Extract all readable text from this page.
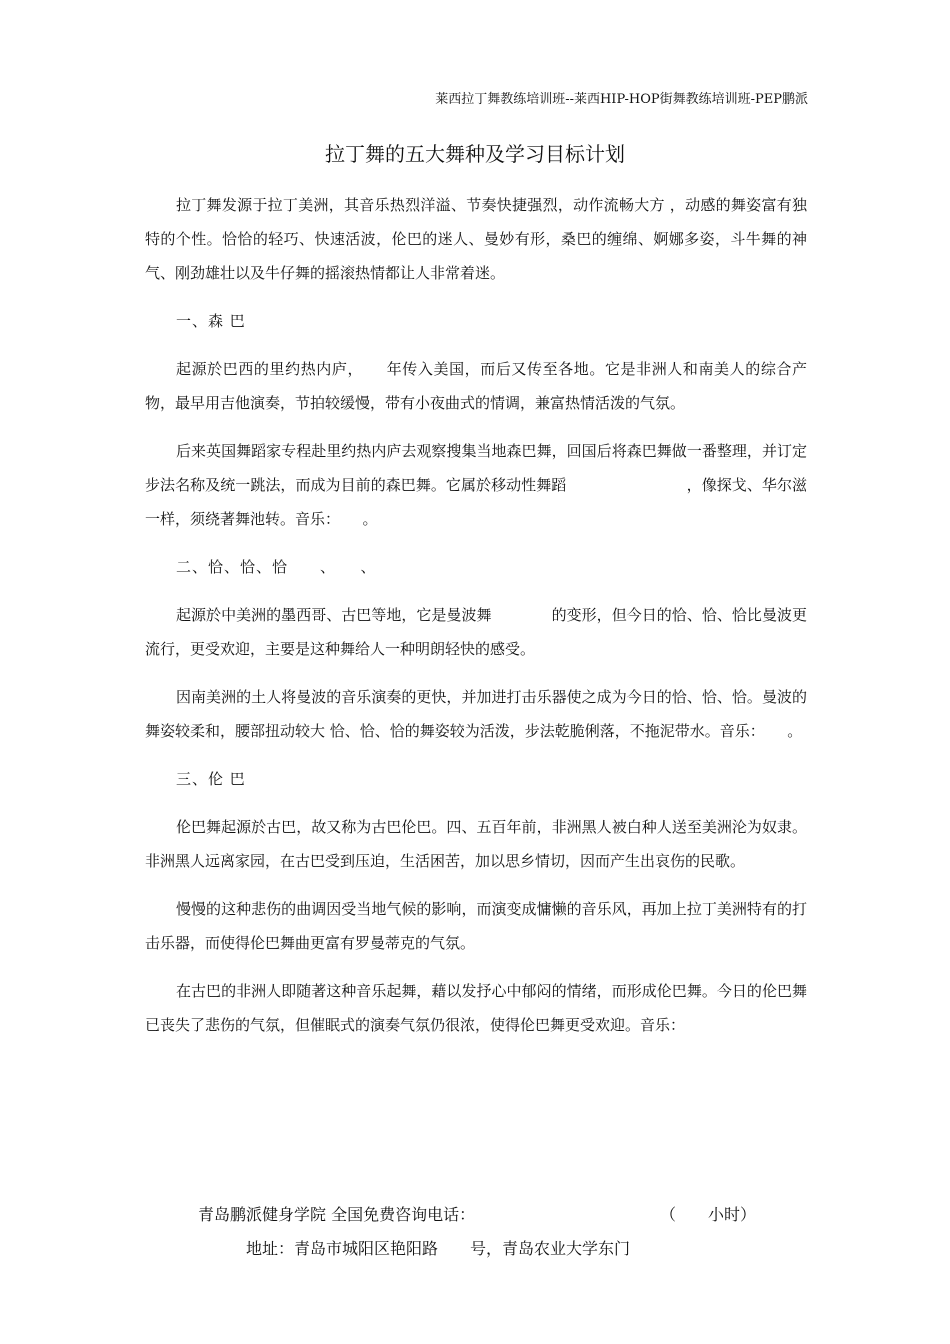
莱西拉丁舞教练培训班--莱西HIP-HOP街舞教练培训班-PEP鹏派
拉丁舞的五大舞种及学习目标计划

拉丁舞发源于拉丁美洲，其音乐热烈洋溢、节奏快捷强烈，动作流畅大方 ，动感的舞姿富有独特的个性。恰恰的轻巧、快速活波，伦巴的迷人、曼妙有形，桑巴的缠绵、婀娜多姿，斗牛舞的神气、刚劲雄壮以及牛仔舞的摇滚热情都让人非常着迷。

一、森 巴

起源於巴西的里约热内庐，　　年传入美国，而后又传至各地。它是非洲人和南美人的综合产物，最早用吉他演奏，节拍较缓慢，带有小夜曲式的情调，兼富热情活泼的气氛。

后来英国舞蹈家专程赴里约热内庐去观察搜集当地森巴舞，回国后将森巴舞做一番整理，并订定步法名称及统一跳法，而成为目前的森巴舞。它属於移动性舞蹈　　　　　　　　，像探戈、华尔滋一样，须绕著舞池转。音乐：　　。

二、恰、恰、恰　　、　　、

起源於中美洲的墨西哥、古巴等地，它是曼波舞　　　　的变形，但今日的恰、恰、恰比曼波更流行，更受欢迎，主要是这种舞给人一种明朗轻快的感受。

因南美洲的土人将曼波的音乐演奏的更快，并加进打击乐器使之成为今日的恰、恰、恰。曼波的舞姿较柔和，腰部扭动较大 恰、恰、恰的舞姿较为活泼，步法乾脆俐落，不拖泥带水。音乐：　　。

三、伦 巴

伦巴舞起源於古巴，故又称为古巴伦巴。四、五百年前，非洲黑人被白种人送至美洲沦为奴隶。非洲黑人远离家园，在古巴受到压迫，生活困苦，加以思乡情切，因而产生出哀伤的民歌。

慢慢的这种悲伤的曲调因受当地气候的影响，而演变成慵懒的音乐风，再加上拉丁美洲特有的打击乐器，而使得伦巴舞曲更富有罗曼蒂克的气氛。

在古巴的非洲人即随著这种音乐起舞，藉以发抒心中郁闷的情绪，而形成伦巴舞。今日的伦巴舞已丧失了悲伤的气氛，但催眠式的演奏气氛仍很浓，使得伦巴舞更受欢迎。音乐：

青岛鹏派健身学院 全国免费咨询电话：	（　　小时）
地址：青岛市城阳区艳阳路　　号，青岛农业大学东门
